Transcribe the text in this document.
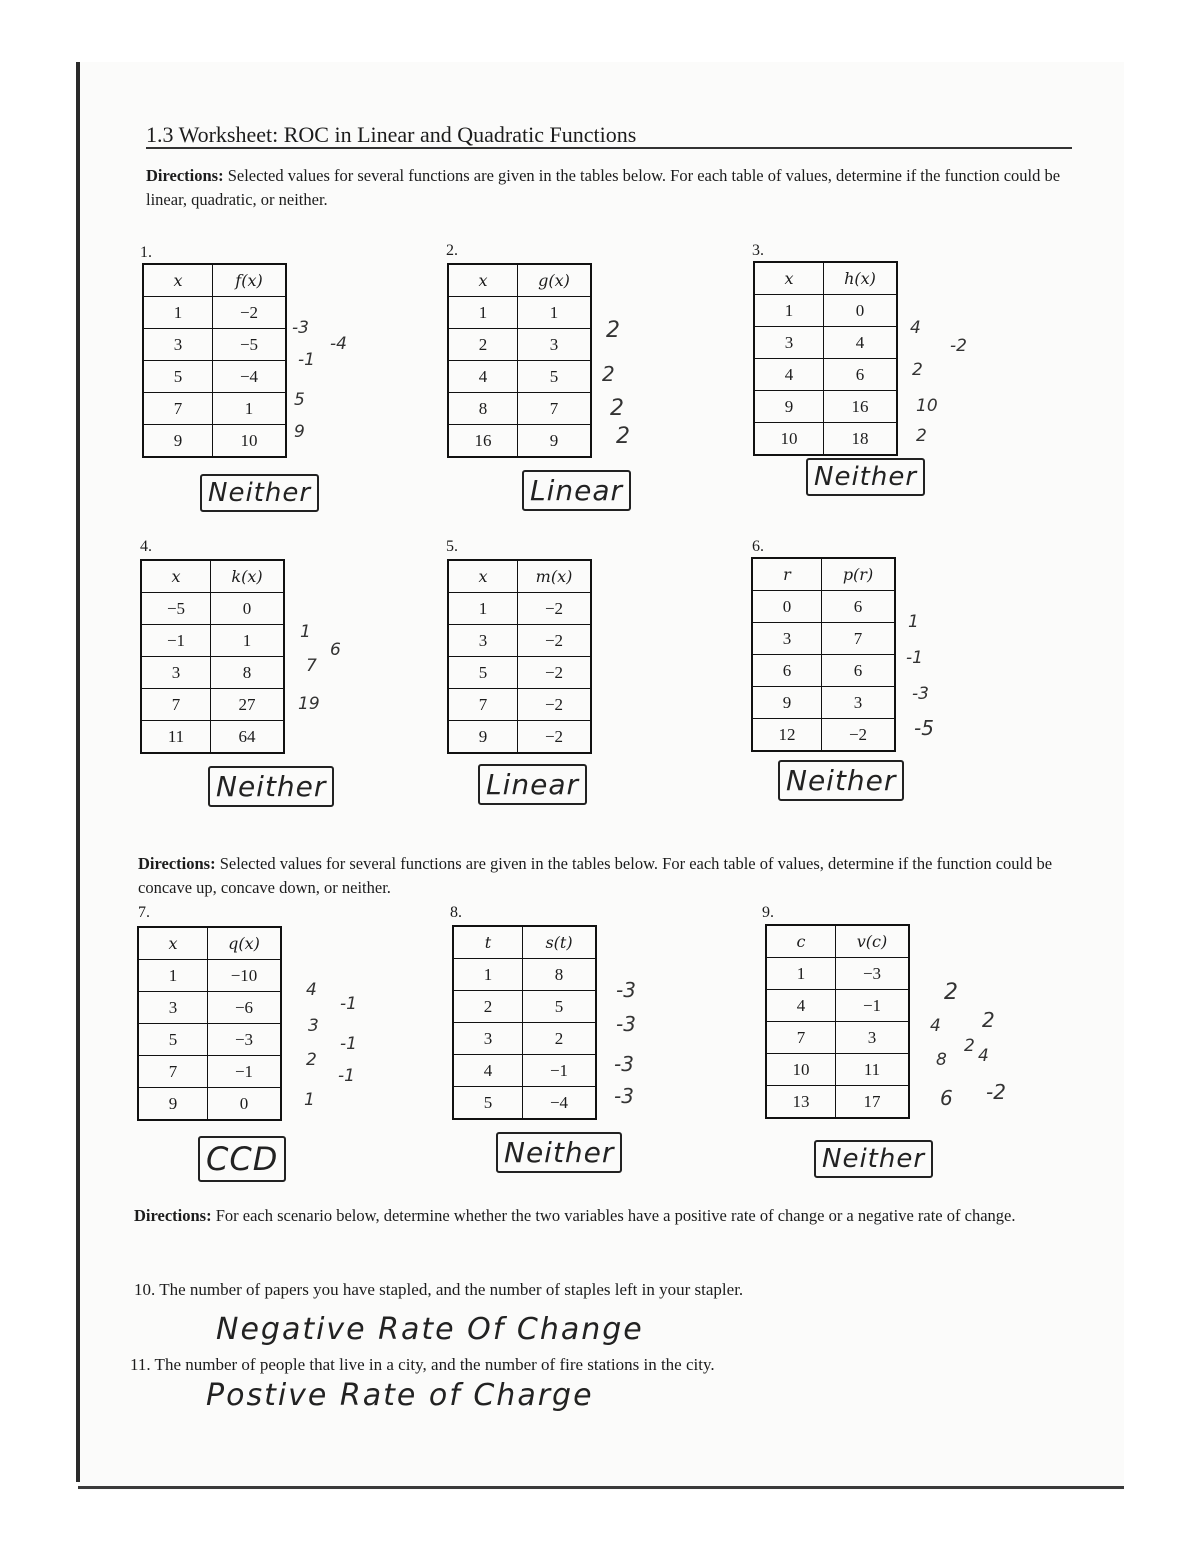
1.3 Worksheet: ROC in Linear and Quadratic Functions
Directions: Selected values for several functions are given in the tables below. For each table of values, determine if the function could be linear, quadratic, or neither.
1.
x	f(x)
1	−2
3	−5
5	−4
7	1
9	10
-3
-1
-4
5
9
Neither
2.
x	g(x)
1	1
2	3
4	5
8	7
16	9
2
2
2
2
Linear
3.
x	h(x)
1	0
3	4
4	6
9	16
10	18
4
-2
2
10
2
Neither
4.
x	k(x)
−5	0
−1	1
3	8
7	27
11	64
1
6
7
19
Neither
5.
x	m(x)
1	−2
3	−2
5	−2
7	−2
9	−2
Linear
6.
r	p(r)
0	6
3	7
6	6
9	3
12	−2
1
-1
-3
-5
Neither
Directions: Selected values for several functions are given in the tables below. For each table of values, determine if the function could be concave up, concave down, or neither.
7.
x	q(x)
1	−10
3	−6
5	−3
7	−1
9	0
4
-1
3
-1
2
-1
1
CCD
8.
t	s(t)
1	8
2	5
3	2
4	−1
5	−4
-3
-3
-3
-3
Neither
9.
c	v(c)
1	−3
4	−1
7	3
10	11
13	17
2
2
4
2
8 4
6 -2
Neither
Directions: For each scenario below, determine whether the two variables have a positive rate of change or a negative rate of change.
10. The number of papers you have stapled, and the number of staples left in your stapler.
Negative Rate Of Change
11. The number of people that live in a city, and the number of fire stations in the city.
Postive Rate of Charge
